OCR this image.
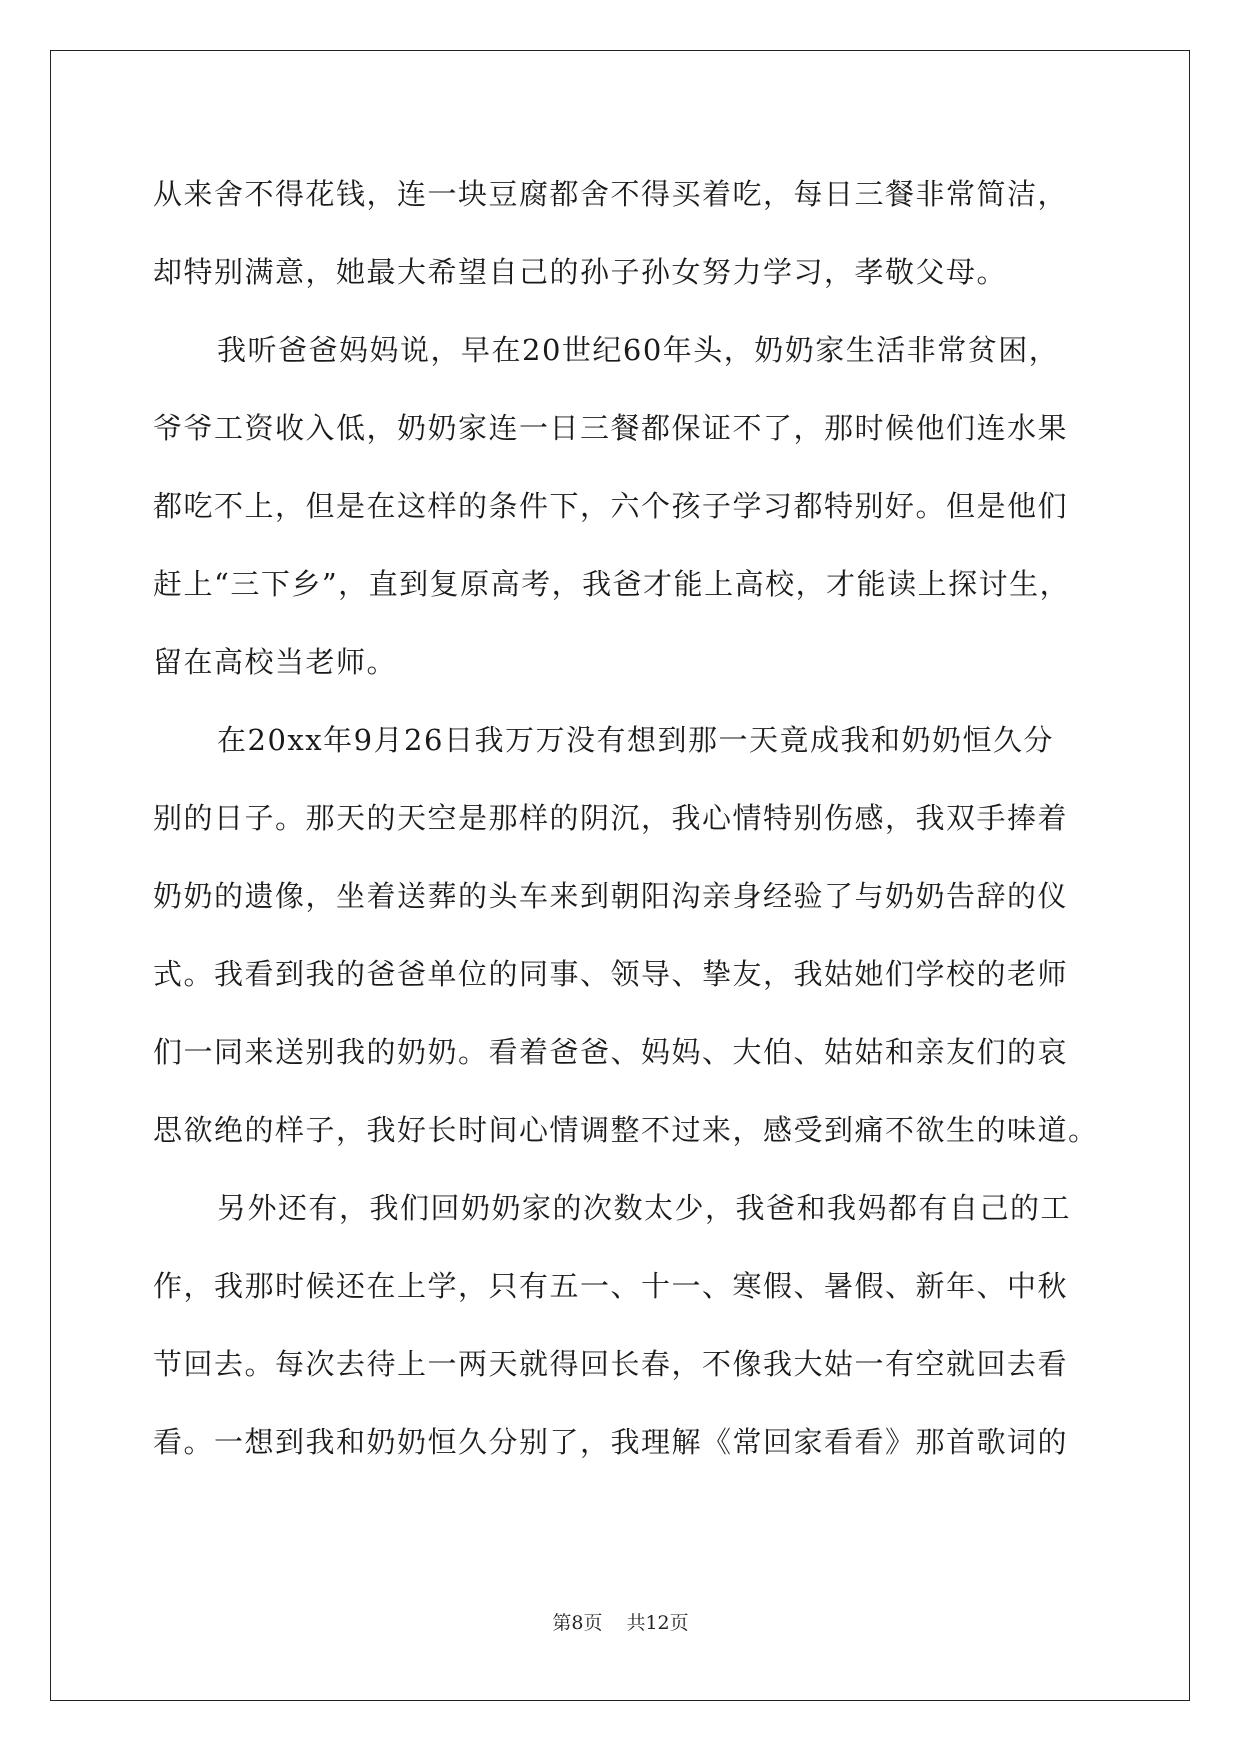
从来舍不得花钱，连一块豆腐都舍不得买着吃，每日三餐非常简洁，
却特别满意，她最大希望自己的孙子孙女努力学习，孝敬父母。
我听爸爸妈妈说，早在20世纪60年头，奶奶家生活非常贫困，
爷爷工资收入低，奶奶家连一日三餐都保证不了，那时候他们连水果
都吃不上，但是在这样的条件下，六个孩子学习都特别好。但是他们
赶上“三下乡”，直到复原高考，我爸才能上高校，才能读上探讨生，
留在高校当老师。
在20xx年9月26日我万万没有想到那一天竟成我和奶奶恒久分
别的日子。那天的天空是那样的阴沉，我心情特别伤感，我双手捧着
奶奶的遗像，坐着送葬的头车来到朝阳沟亲身经验了与奶奶告辞的仪
式。我看到我的爸爸单位的同事、领导、挚友，我姑她们学校的老师
们一同来送别我的奶奶。看着爸爸、妈妈、大伯、姑姑和亲友们的哀
思欲绝的样子，我好长时间心情调整不过来，感受到痛不欲生的味道。
另外还有，我们回奶奶家的次数太少，我爸和我妈都有自己的工
作，我那时候还在上学，只有五一、十一、寒假、暑假、新年、中秋
节回去。每次去待上一两天就得回长春，不像我大姑一有空就回去看
看。一想到我和奶奶恒久分别了，我理解《常回家看看》那首歌词的
第8页 共12页
